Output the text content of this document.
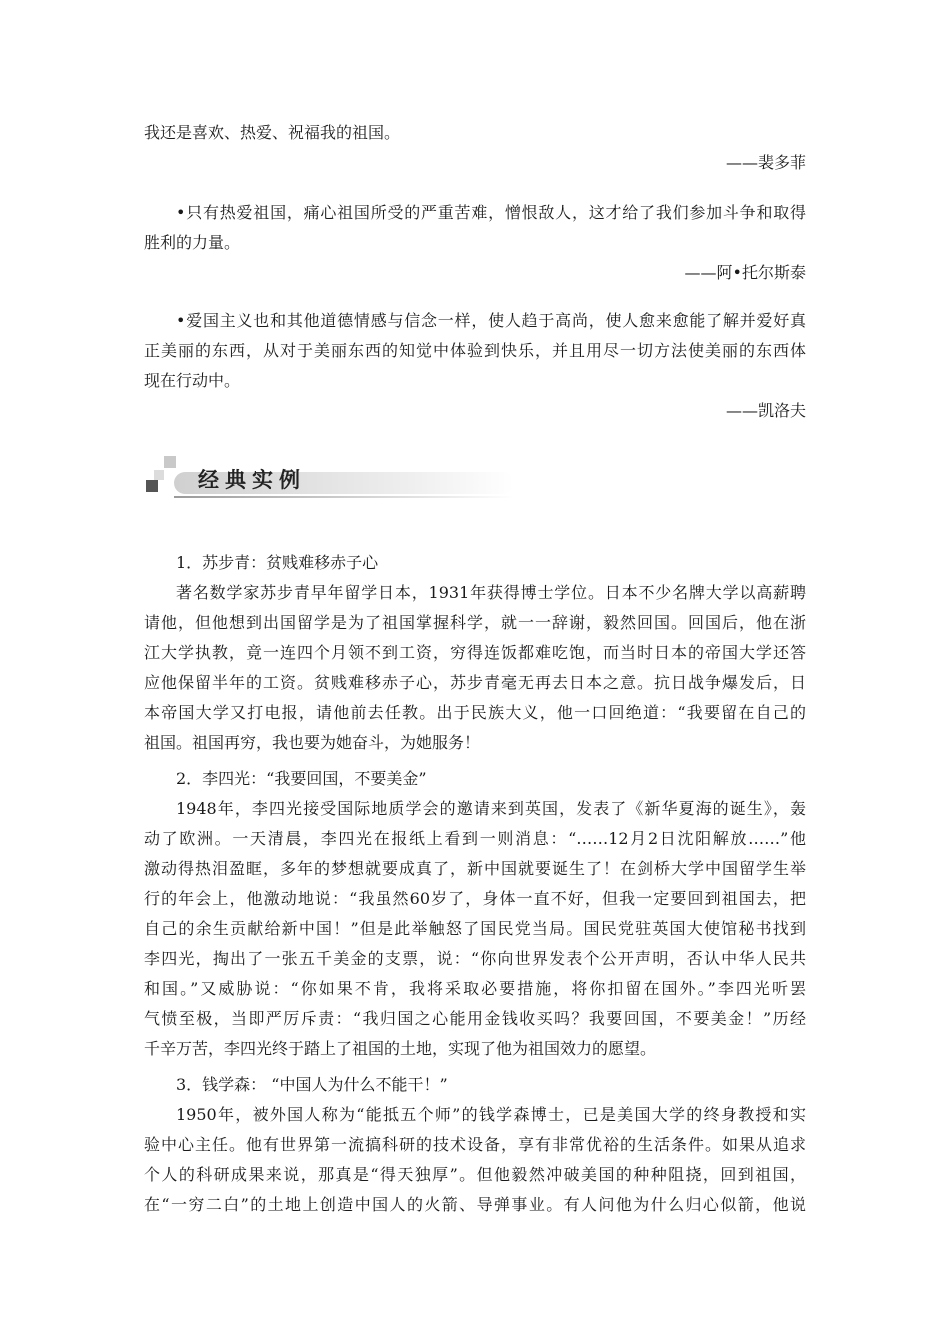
我还是喜欢、热爱、祝福我的祖国。
——裴多菲
•只有热爱祖国，痛心祖国所受的严重苦难，憎恨敌人，这才给了我们参加斗争和取得
胜利的力量。
——阿•托尔斯泰
•爱国主义也和其他道德情感与信念一样，使人趋于高尚，使人愈来愈能了解并爱好真
正美丽的东西，从对于美丽东西的知觉中体验到快乐，并且用尽一切方法使美丽的东西体
现在行动中。
——凯洛夫
经典实例
1．苏步青：贫贱难移赤子心
著名数学家苏步青早年留学日本，1931年获得博士学位。日本不少名牌大学以高薪聘
请他，但他想到出国留学是为了祖国掌握科学，就一一辞谢，毅然回国。回国后，他在浙
江大学执教，竟一连四个月领不到工资，穷得连饭都难吃饱，而当时日本的帝国大学还答
应他保留半年的工资。贫贱难移赤子心，苏步青毫无再去日本之意。抗日战争爆发后，日
本帝国大学又打电报，请他前去任教。出于民族大义，他一口回绝道：“我要留在自己的
祖国。祖国再穷，我也要为她奋斗，为她服务！
2．李四光：“我要回国，不要美金”
1948年，李四光接受国际地质学会的邀请来到英国，发表了《新华夏海的诞生》，轰
动了欧洲。一天清晨，李四光在报纸上看到一则消息：“……12月2日沈阳解放……”他
激动得热泪盈眶，多年的梦想就要成真了，新中国就要诞生了！在剑桥大学中国留学生举
行的年会上，他激动地说：“我虽然60岁了，身体一直不好，但我一定要回到祖国去，把
自己的余生贡献给新中国！”但是此举触怒了国民党当局。国民党驻英国大使馆秘书找到
李四光，掏出了一张五千美金的支票，说：“你向世界发表个公开声明，否认中华人民共
和国。”又威胁说：“你如果不肯，我将采取必要措施，将你扣留在国外。”李四光听罢
气愤至极，当即严厉斥责：“我归国之心能用金钱收买吗？我要回国，不要美金！”历经
千辛万苦，李四光终于踏上了祖国的土地，实现了他为祖国效力的愿望。
3．钱学森： “中国人为什么不能干！”
1950年，被外国人称为“能抵五个师”的钱学森博士，已是美国大学的终身教授和实
验中心主任。他有世界第一流搞科研的技术设备，享有非常优裕的生活条件。如果从追求
个人的科研成果来说，那真是“得天独厚”。但他毅然冲破美国的种种阻挠，回到祖国，
在“一穷二白”的土地上创造中国人的火箭、导弹事业。有人问他为什么归心似箭，他说
